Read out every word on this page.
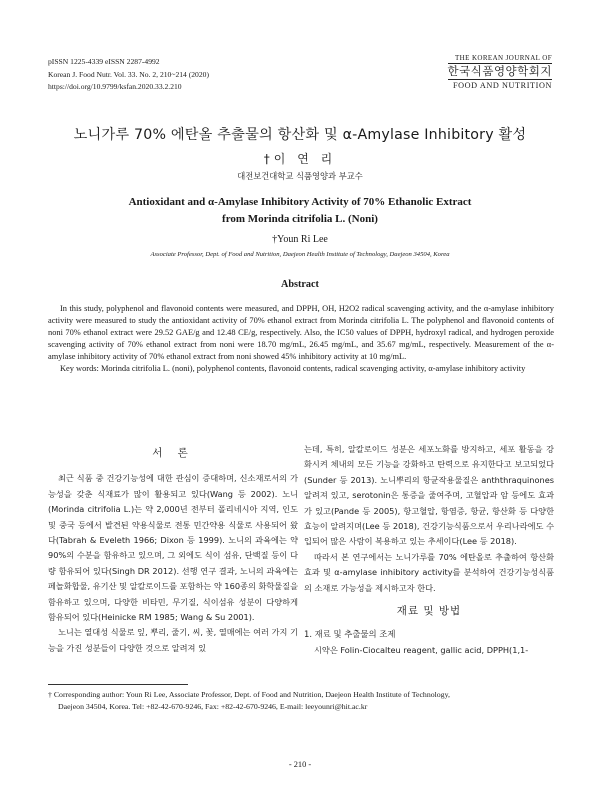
pISSN 1225-4339 eISSN 2287-4992
Korean J. Food Nutr. Vol. 33. No. 2, 210~214 (2020)
https://doi.org/10.9799/ksfan.2020.33.2.210
THE KOREAN JOURNAL OF
한국식품영양학회지
FOOD AND NUTRITION
노니가루 70% 에탄올 추출물의 항산화 및 α-Amylase Inhibitory 활성
†이 연 리
대전보건대학교 식품영양과 부교수
Antioxidant and α-Amylase Inhibitory Activity of 70% Ethanolic Extract
from Morinda citrifolia L. (Noni)
†Youn Ri Lee
Associate Professor, Dept. of Food and Nutrition, Daejeon Health Institute of Technology, Daejeon 34504, Korea
Abstract

In this study, polyphenol and flavonoid contents were measured, and DPPH, OH, H2O2 radical scavenging activity, and the α-amylase inhibitory activity were measured to study the antioxidant activity of 70% ethanol extract from Morinda citrifolia L. The polyphenol and flavonoid contents of noni 70% ethanol extract were 29.52 GAE/g and 12.48 CE/g, respectively. Also, the IC50 values of DPPH, hydroxyl radical, and hydrogen peroxide scavenging activity of 70% ethanol extract from noni were 18.70 mg/mL, 26.45 mg/mL, and 35.67 mg/mL, respectively. Measurement of the α-amylase inhibitory activity of 70% ethanol extract from noni showed 45% inhibitory activity at 10 mg/mL.

Key words: Morinda citrifolia L. (noni), polyphenol contents, flavonoid contents, radical scavenging activity, α-amylase inhibitory activity

서 론

최근 식품 중 건강기능성에 대한 관심이 증대하며, 신소재로서의 가능성을 갖춘 식재료가 많이 활용되고 있다(Wang 등 2002). 노니(Morinda citrifolia L.)는 약 2,000년 전부터 폴리네시아 지역, 인도 및 중국 등에서 발견된 약용식물로 전통 민간약용 식물로 사용되어 왔다(Tabrah & Eveleth 1966; Dixon 등 1999). 노니의 과육에는 약 90%의 수분을 함유하고 있으며, 그 외에도 식이 섬유, 단백질 등이 다량 함유되어 있다(Singh DR 2012). 선행 연구 결과, 노니의 과육에는 페놀화합물, 유기산 및 알칼로이드를 포함하는 약 160종의 화학물질을 함유하고 있으며, 다양한 비타민, 무기질, 식이섬유 성분이 다양하게 함유되어 있다(Heinicke RM 1985; Wang & Su 2001).

노니는 열대성 식물로 잎, 뿌리, 줄기, 씨, 꽃, 열매에는 여러 가지 기능을 가진 성분들이 다양한 것으로 알려져 있

는데, 특히, 알칼로이드 성분은 세포노화를 방지하고, 세포 활동을 강화시켜 체내의 모든 기능을 강화하고 탄력으로 유지한다고 보고되었다(Sunder 등 2013). 노니뿌리의 항균작용물질은 anththraquinones 알려져 있고, serotonin은 통증을 줄여주며, 고혈압과 암 등에도 효과가 있고(Pande 등 2005), 항고혈압, 항염증, 항균, 항산화 등 다양한 효능이 알려지며(Lee 등 2018), 건강기능식품으로서 우리나라에도 수입되어 많은 사람이 복용하고 있는 추세이다(Lee 등 2018).

따라서 본 연구에서는 노니가루를 70% 에탄올로 추출하여 항산화 효과 및 α-amylase inhibitory activity를 분석하여 건강기능성식품의 소재로 가능성을 제시하고자 한다.

재료 및 방법
1. 재료 및 추출물의 조제

시약은 Folin-Ciocalteu reagent, gallic acid, DPPH(1,1-

† Corresponding author: Youn Ri Lee, Associate Professor, Dept. of Food and Nutrition, Daejeon Health Institute of Technology,
Daejeon 34504, Korea. Tel: +82-42-670-9246, Fax: +82-42-670-9246, E-mail: leeyounri@hit.ac.kr
- 210 -
